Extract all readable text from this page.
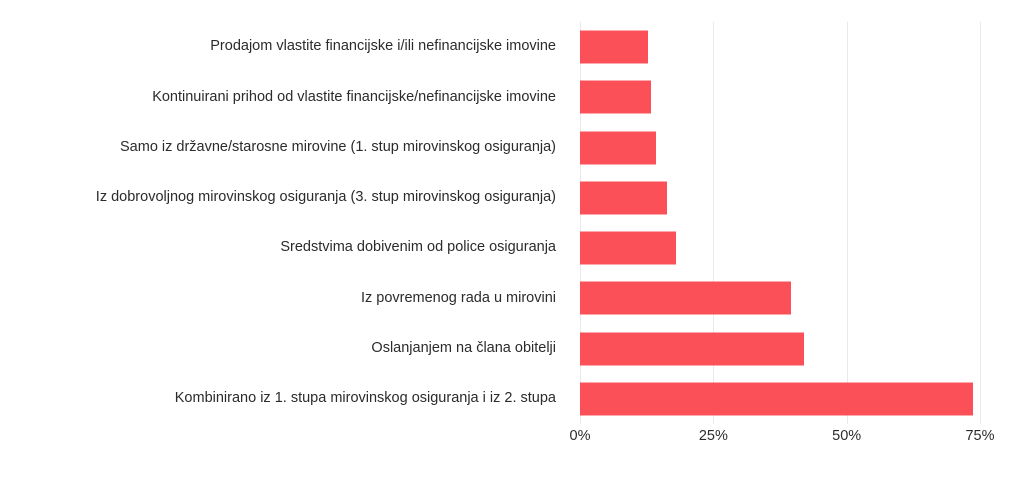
Prodajom vlastite financijske i/ili nefinancijske imovine
Kontinuirani prihod od vlastite financijske/nefinancijske imovine
Samo iz državne/starosne mirovine (1. stup mirovinskog osiguranja)
Iz dobrovoljnog mirovinskog osiguranja (3. stup mirovinskog osiguranja)
Sredstvima dobivenim od police osiguranja
Iz povremenog rada u mirovini
Oslanjanjem na člana obitelji
Kombinirano iz 1. stupa mirovinskog osiguranja i iz 2. stupa
0%	25%	50%	75%
